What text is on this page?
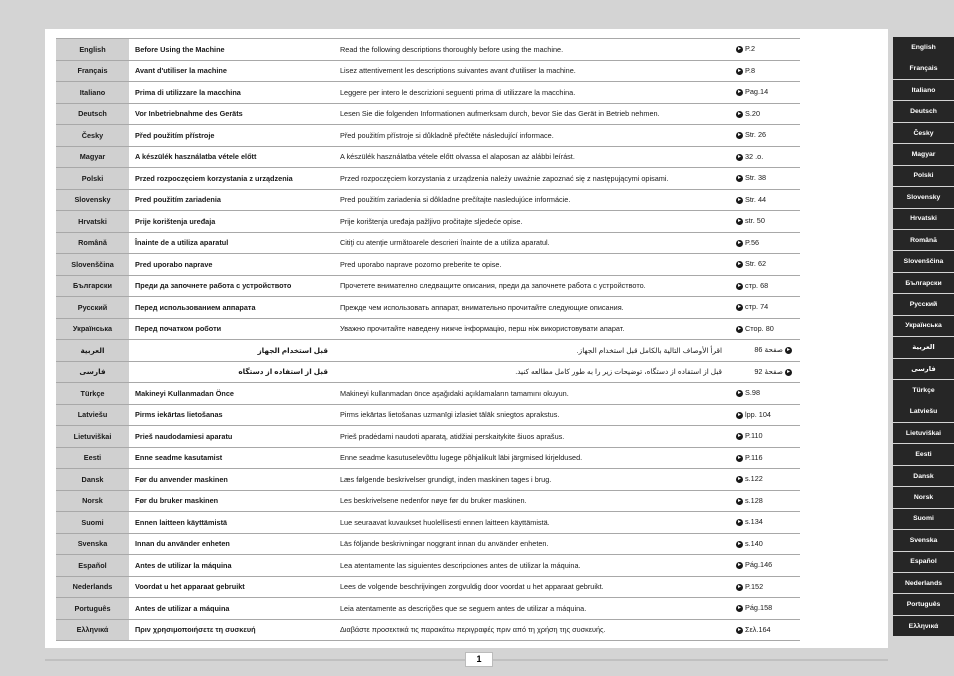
English	Before Using the Machine	Read the following descriptions thoroughly before using the machine.	▸ P.2
Français	Avant d'utiliser la machine	Lisez attentivement les descriptions suivantes avant d'utiliser la machine.	▸ P.8
Italiano	Prima di utilizzare la macchina	Leggere per intero le descrizioni seguenti prima di utilizzare la macchina.	▸ Pag.14
Deutsch	Vor Inbetriebnahme des Geräts	Lesen Sie die folgenden Informationen aufmerksam durch, bevor Sie das Gerät in Betrieb nehmen.	▸ S.20
Česky	Před použitím přístroje	Před použitím přístroje si důkladně přečtěte následující informace.	▸ Str. 26
Magyar	A készülék használatba vétele előtt	A készülék használatba vétele előtt olvassa el alaposan az alábbi leírást.	▸ 32 .o.
Polski	Przed rozpoczęciem korzystania z urządzenia	Przed rozpoczęciem korzystania z urządzenia należy uważnie zapoznać się z następującymi opisami.	▸ Str. 38
Slovensky	Pred použitím zariadenia	Pred použitím zariadenia si dôkladne prečítajte nasledujúce informácie.	▸ Str. 44
Hrvatski	Prije korištenja uređaja	Prije korištenja uređaja pažljivo pročitajte sljedeće opise.	▸ str. 50
Română	Înainte de a utiliza aparatul	Citiţi cu atenţie următoarele descrieri înainte de a utiliza aparatul.	▸ P.56
Slovenščina	Pred uporabo naprave	Pred uporabo naprave pozorno preberite te opise.	▸ Str. 62
Български	Преди да започнете работа с устройството	Прочетете внимателно следващите описания, преди да започнете работа с устройството.	▸ стр. 68
Русский	Перед использованием аппарата	Прежде чем использовать аппарат, внимательно прочитайте следующие описания.	▸ стр. 74
Українська	Перед початком роботи	Уважно прочитайте наведену нижче інформацію, перш ніж використовувати апарат.	▸ Стор. 80
العربية	قبل استخدام الجهاز	اقرأ الأوصاف التالية بالكامل قبل استخدام الجهاز.	▸صفحة 86
فارسی	قبل از استفاده از دستگاه	قبل از استفاده از دستگاه، توضیحات زیر را به طور کامل مطالعه کنید.	▸صفحهٔ 92
Türkçe	Makineyi Kullanmadan Önce	Makineyi kullanmadan önce aşağıdaki açıklamaların tamamını okuyun.	▸ S.98
Latviešu	Pirms iekārtas lietošanas	Pirms iekārtas lietošanas uzmanīgi izlasiet tālāk sniegtos aprakstus.	▸ lpp. 104
Lietuviškai	Prieš naudodamiesi aparatu	Prieš pradėdami naudoti aparatą, atidžiai perskaitykite šiuos aprašus.	▸ P.110
Eesti	Enne seadme kasutamist	Enne seadme kasutuselevõttu lugege põhjalikult läbi järgmised kirjeldused.	▸ P.116
Dansk	Før du anvender maskinen	Læs følgende beskrivelser grundigt, inden maskinen tages i brug.	▸ s.122
Norsk	Før du bruker maskinen	Les beskrivelsene nedenfor nøye før du bruker maskinen.	▸ s.128
Suomi	Ennen laitteen käyttämistä	Lue seuraavat kuvaukset huolellisesti ennen laitteen käyttämistä.	▸ s.134
Svenska	Innan du använder enheten	Läs följande beskrivningar noggrant innan du använder enheten.	▸ s.140
Español	Antes de utilizar la máquina	Lea atentamente las siguientes descripciones antes de utilizar la máquina.	▸ Pág.146
Nederlands	Voordat u het apparaat gebruikt	Lees de volgende beschrijvingen zorgvuldig door voordat u het apparaat gebruikt.	▸ P.152
Português	Antes de utilizar a máquina	Leia atentamente as descrições que se seguem antes de utilizar a máquina.	▸ Pág.158
Ελληνικά	Πριν χρησιμοποιήσετε τη συσκευή	Διαβάστε προσεκτικά τις παρακάτω περιγραφές πριν από τη χρήση της συσκευής.	▸ Σελ.164
1
English
Français
Italiano
Deutsch
Česky
Magyar
Polski
Slovensky
Hrvatski
Română
Slovenščina
Български
Русский
Українська
العربية
فارسی
Türkçe
Latviešu
Lietuviškai
Eesti
Dansk
Norsk
Suomi
Svenska
Español
Nederlands
Português
Ελληνικά
